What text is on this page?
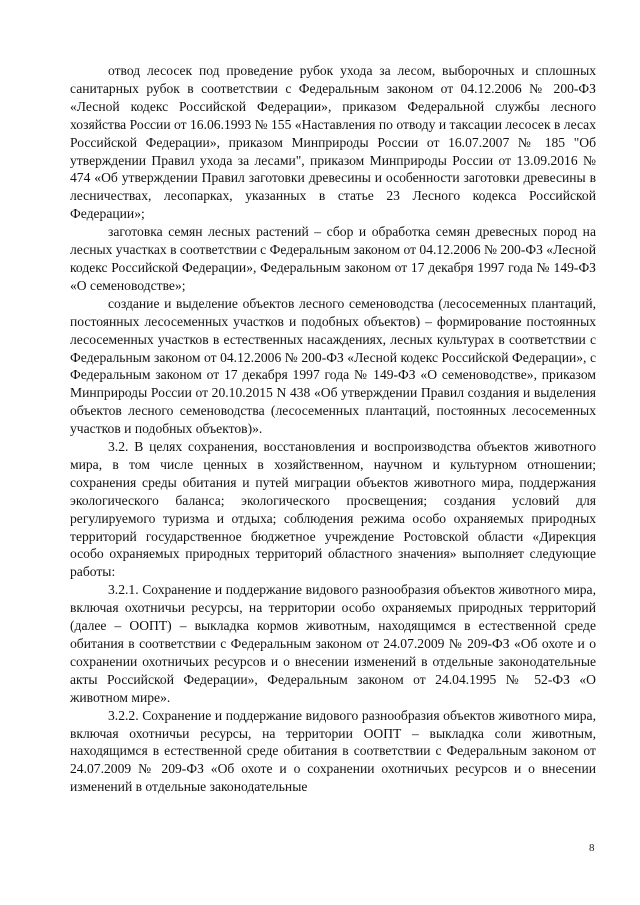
отвод лесосек под проведение рубок ухода за лесом, выборочных и сплошных санитарных рубок в соответствии с Федеральным законом от 04.12.2006 № 200-ФЗ «Лесной кодекс Российской Федерации», приказом Федеральной службы лесного хозяйства России от 16.06.1993 № 155 «Наставления по отводу и таксации лесосек в лесах Российской Федерации», приказом Минприроды России от 16.07.2007 № 185 "Об утверждении Правил ухода за лесами", приказом Минприроды России от 13.09.2016 № 474 «Об утверждении Правил заготовки древесины и особенности заготовки древесины в лесничествах, лесопарках, указанных в статье 23 Лесного кодекса Российской Федерации»;

заготовка семян лесных растений – сбор и обработка семян древесных пород на лесных участках в соответствии с Федеральным законом от 04.12.2006 № 200-ФЗ «Лесной кодекс Российской Федерации», Федеральным законом от 17 декабря 1997 года № 149-ФЗ «О семеноводстве»;

создание и выделение объектов лесного семеноводства (лесосеменных плантаций, постоянных лесосеменных участков и подобных объектов) – формирование постоянных лесосеменных участков в естественных насаждениях, лесных культурах в соответствии с Федеральным законом от 04.12.2006 № 200-ФЗ «Лесной кодекс Российской Федерации», с Федеральным законом от 17 декабря 1997 года № 149-ФЗ «О семеноводстве», приказом Минприроды России от 20.10.2015 N 438 «Об утверждении Правил создания и выделения объектов лесного семеноводства (лесосеменных плантаций, постоянных лесосеменных участков и подобных объектов)».

3.2. В целях сохранения, восстановления и воспроизводства объектов животного мира, в том числе ценных в хозяйственном, научном и культурном отношении; сохранения среды обитания и путей миграции объектов животного мира, поддержания экологического баланса; экологического просвещения; создания условий для регулируемого туризма и отдыха; соблюдения режима особо охраняемых природных территорий государственное бюджетное учреждение Ростовской области «Дирекция особо охраняемых природных территорий областного значения» выполняет следующие работы:

3.2.1. Сохранение и поддержание видового разнообразия объектов животного мира, включая охотничьи ресурсы, на территории особо охраняемых природных территорий (далее – ООПТ) – выкладка кормов животным, находящимся в естественной среде обитания в соответствии с Федеральным законом от 24.07.2009 № 209-ФЗ «Об охоте и о сохранении охотничьих ресурсов и о внесении изменений в отдельные законодательные акты Российской Федерации», Федеральным законом от 24.04.1995 № 52-ФЗ «О животном мире».

3.2.2. Сохранение и поддержание видового разнообразия объектов животного мира, включая охотничьи ресурсы, на территории ООПТ – выкладка соли животным, находящимся в естественной среде обитания в соответствии с Федеральным законом от 24.07.2009 № 209-ФЗ «Об охоте и о сохранении охотничьих ресурсов и о внесении изменений в отдельные законодательные

8
